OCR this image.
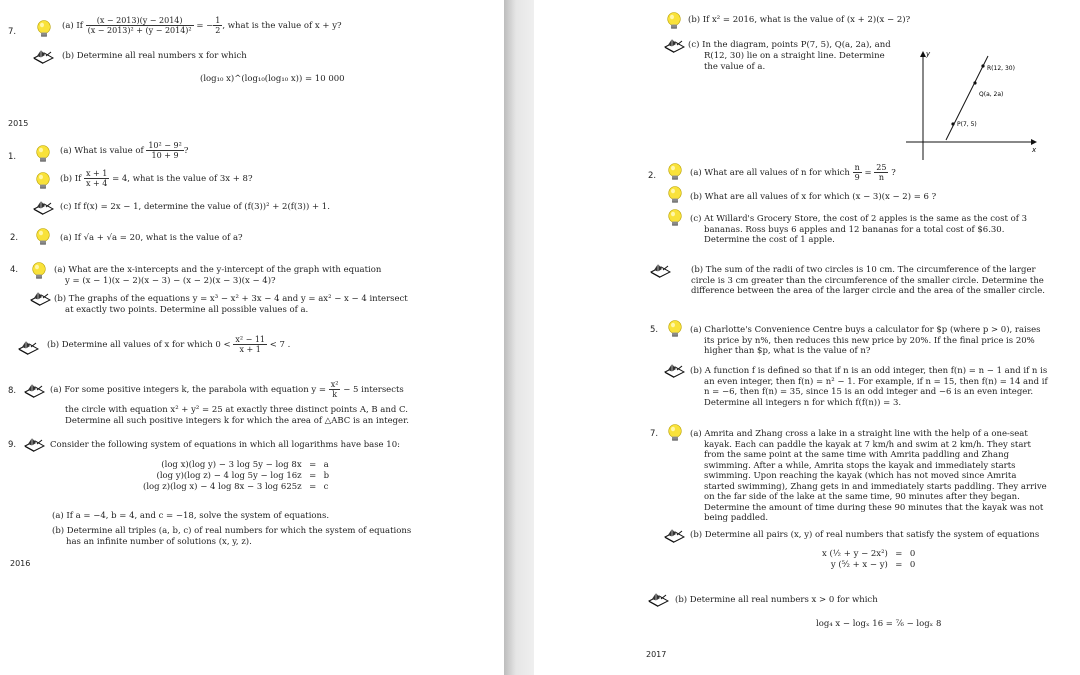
7.
(a) If $\frac{(x - 2013)(y - 2014)}{\text{(x − 2013)² + (y − 2014)²}}$ = − $\frac{1}{2}$ , what is the value of x + y?
(b) Determine all real numbers x for which
(log₁₀ x)^(log₁₀(log₁₀ x)) = 10 000
2015
1.
(a) What is value of $\frac{\text{10² − 9²}}{10 + 9}$ ?
(b) If $\frac{x + 1}{x + 4} = 4$, what is the value of 3x + 8?
(c) If f(x) = 2x − 1, determine the value of (f(3))² + 2(f(3)) + 1.
2.	(a) If √a + √a = 20, what is the value of a?
4.	(a) What are the x-intercepts and the y-intercept of the graph with equation
y = (x − 1)(x − 2)(x − 3) − (x − 2)(x − 3)(x − 4)?
(b) The graphs of the equations y = x³ − x² + 3x − 4 and y = ax² − x − 4 intersect
at exactly two points. Determine all possible values of a.
(b) Determine all values of x for which $0 < \frac{\text{x² − 11}}{x + 1} < 7$ .
8.	(a) For some positive integers k, the parabola with equation $y = \frac{\text{x²}}{k} - 5$ intersects
the circle with equation x² + y² = 25 at exactly three distinct points A, B and C.
Determine all such positive integers k for which the area of △ABC is an integer.
9.	Consider the following system of equations in which all logarithms have base 10:
(log x)(log y) − 3 log 5y − log 8x = a
(log y)(log z) − 4 log 5y − log 16z = b
(log z)(log x) − 4 log 8x − 3 log 625z = c
(a) If a = −4, b = 4, and c = −18, solve the system of equations.
(b) Determine all triples (a, b, c) of real numbers for which the system of equations
has an infinite number of solutions (x, y, z).
2016
(b) If x² = 2016, what is the value of (x + 2)(x − 2)?
(c) In the diagram, points P(7, 5), Q(a, 2a), and
R(12, 30) lie on a straight line. Determine
the value of a.
y
x
R(12, 30)
Q(a, 2a)
P(7, 5)
2.	(a) What are all values of n for which $\frac{n}{9} = \frac{25}{n}$ ?
(b) What are all values of x for which (x − 3)(x − 2) = 6 ?
(c) At Willard's Grocery Store, the cost of 2 apples is the same as the cost of 3 bananas. Ross buys 6 apples and 12 bananas for a total cost of $6.30. Determine the cost of 1 apple.
(b) The sum of the radii of two circles is 10 cm. The circumference of the larger circle is 3 cm greater than the circumference of the smaller circle. Determine the difference between the area of the larger circle and the area of the smaller circle.
5.	(a) Charlotte's Convenience Centre buys a calculator for $p (where p > 0), raises its price by n%, then reduces this new price by 20%. If the final price is 20% higher than $p, what is the value of n?
(b) A function f is defined so that if n is an odd integer, then f(n) = n − 1 and if n is an even integer, then f(n) = n² − 1. For example, if n = 15, then f(n) = 14 and if n = −6, then f(n) = 35, since 15 is an odd integer and −6 is an even integer. Determine all integers n for which f(f(n)) = 3.
7.	(a) Amrita and Zhang cross a lake in a straight line with the help of a one-seat kayak. Each can paddle the kayak at 7 km/h and swim at 2 km/h. They start from the same point at the same time with Amrita paddling and Zhang swimming. After a while, Amrita stops the kayak and immediately starts swimming. Upon reaching the kayak (which has not moved since Amrita started swimming), Zhang gets in and immediately starts paddling. They arrive on the far side of the lake at the same time, 90 minutes after they began. Determine the amount of time during these 90 minutes that the kayak was not being paddled.
(b) Determine all pairs (x, y) of real numbers that satisfy the system of equations
x (½ + y − 2x²) = 0
y (⁵⁄₂ + x − y) = 0
(b) Determine all real numbers x > 0 for which
log₄ x − logₓ 16 = ⁷⁄₆ − logₓ 8
2017
